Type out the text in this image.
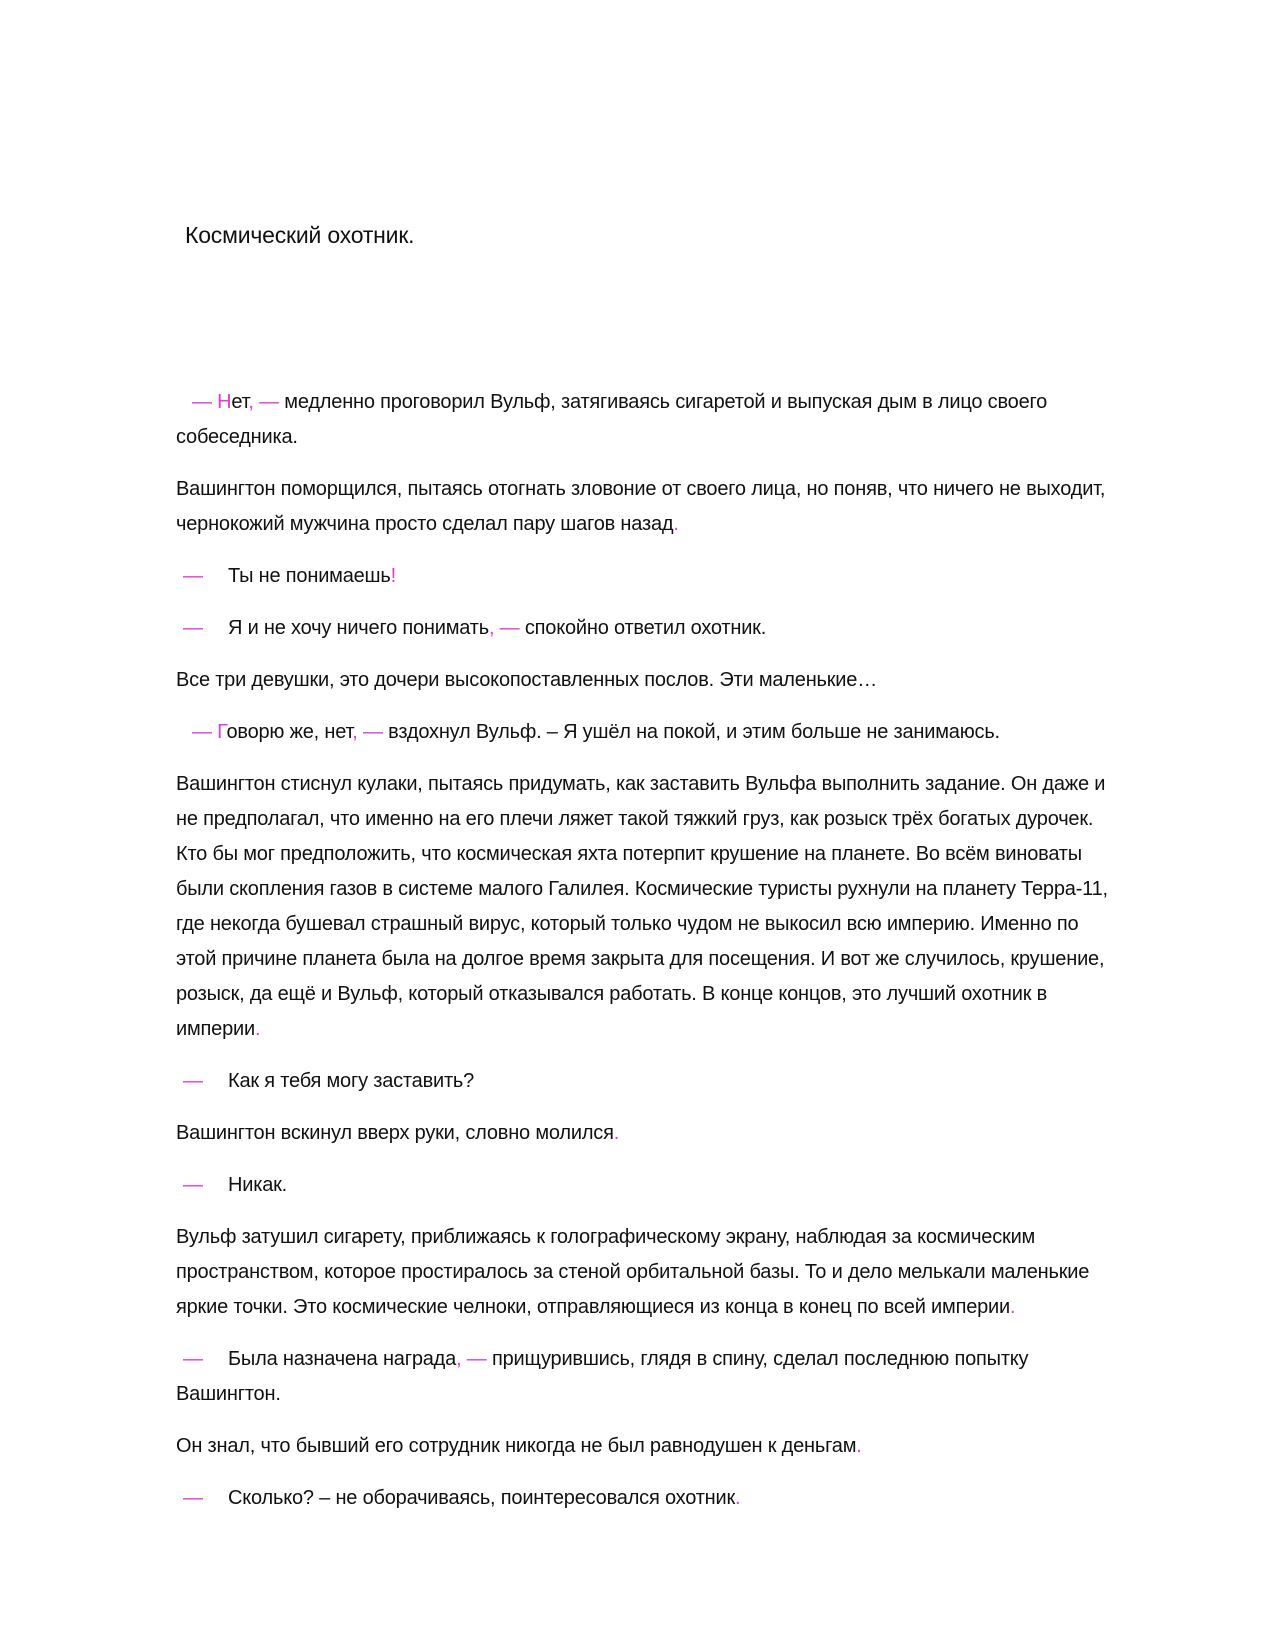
Космический охотник.
— Нет, — медленно проговорил Вульф, затягиваясь сигаретой и выпуская дым в лицо своего
собеседника.
Вашингтон поморщился, пытаясь отогнать зловоние от своего лица, но поняв, что ничего не выходит,
чернокожий мужчина просто сделал пару шагов назад.
— Ты не понимаешь!
— Я и не хочу ничего понимать, — спокойно ответил охотник.
Все три девушки, это дочери высокопоставленных послов. Эти маленькие…
— Говорю же, нет, — вздохнул Вульф. – Я ушёл на покой, и этим больше не занимаюсь.
Вашингтон стиснул кулаки, пытаясь придумать, как заставить Вульфа выполнить задание. Он даже и
не предполагал, что именно на его плечи ляжет такой тяжкий груз, как розыск трёх богатых дурочек.
Кто бы мог предположить, что космическая яхта потерпит крушение на планете. Во всём виноваты
были скопления газов в системе малого Галилея. Космические туристы рухнули на планету Терра-11,
где некогда бушевал страшный вирус, который только чудом не выкосил всю империю. Именно по
этой причине планета была на долгое время закрыта для посещения. И вот же случилось, крушение,
розыск, да ещё и Вульф, который отказывался работать. В конце концов, это лучший охотник в
империи.
— Как я тебя могу заставить?
Вашингтон вскинул вверх руки, словно молился.
— Никак.
Вульф затушил сигарету, приближаясь к голографическому экрану, наблюдая за космическим
пространством, которое простиралось за стеной орбитальной базы. То и дело мелькали маленькие
яркие точки. Это космические челноки, отправляющиеся из конца в конец по всей империи.
— Была назначена награда, — прищурившись, глядя в спину, сделал последнюю попытку
Вашингтон.
Он знал, что бывший его сотрудник никогда не был равнодушен к деньгам.
— Сколько? – не оборачиваясь, поинтересовался охотник.
